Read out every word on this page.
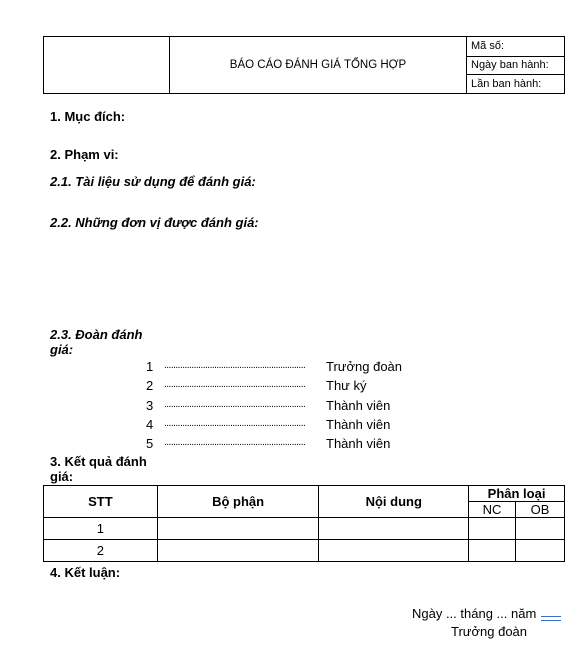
BÁO CÁO ĐÁNH GIÁ TỔNG HỢP
Mã số:
Ngày ban hành:
Lần ban hành:
1. Mục đích:
2. Phạm vi:
2.1. Tài liệu sử dụng để đánh giá:
2.2. Những đơn vị được đánh giá:
2.3. Đoàn đánh
giá:
1	.............................................................. Trưởng đoàn
2	.............................................................. Thư ký
3	.............................................................. Thành viên
4	.............................................................. Thành viên
5	.............................................................. Thành viên
3. Kết quả đánh
giá:
STT	Bộ phận	Nội dung	Phân loại	
			NC	OB
1				
2				
4. Kết luận:
Ngày ... tháng ... năm
Trưởng đoàn
